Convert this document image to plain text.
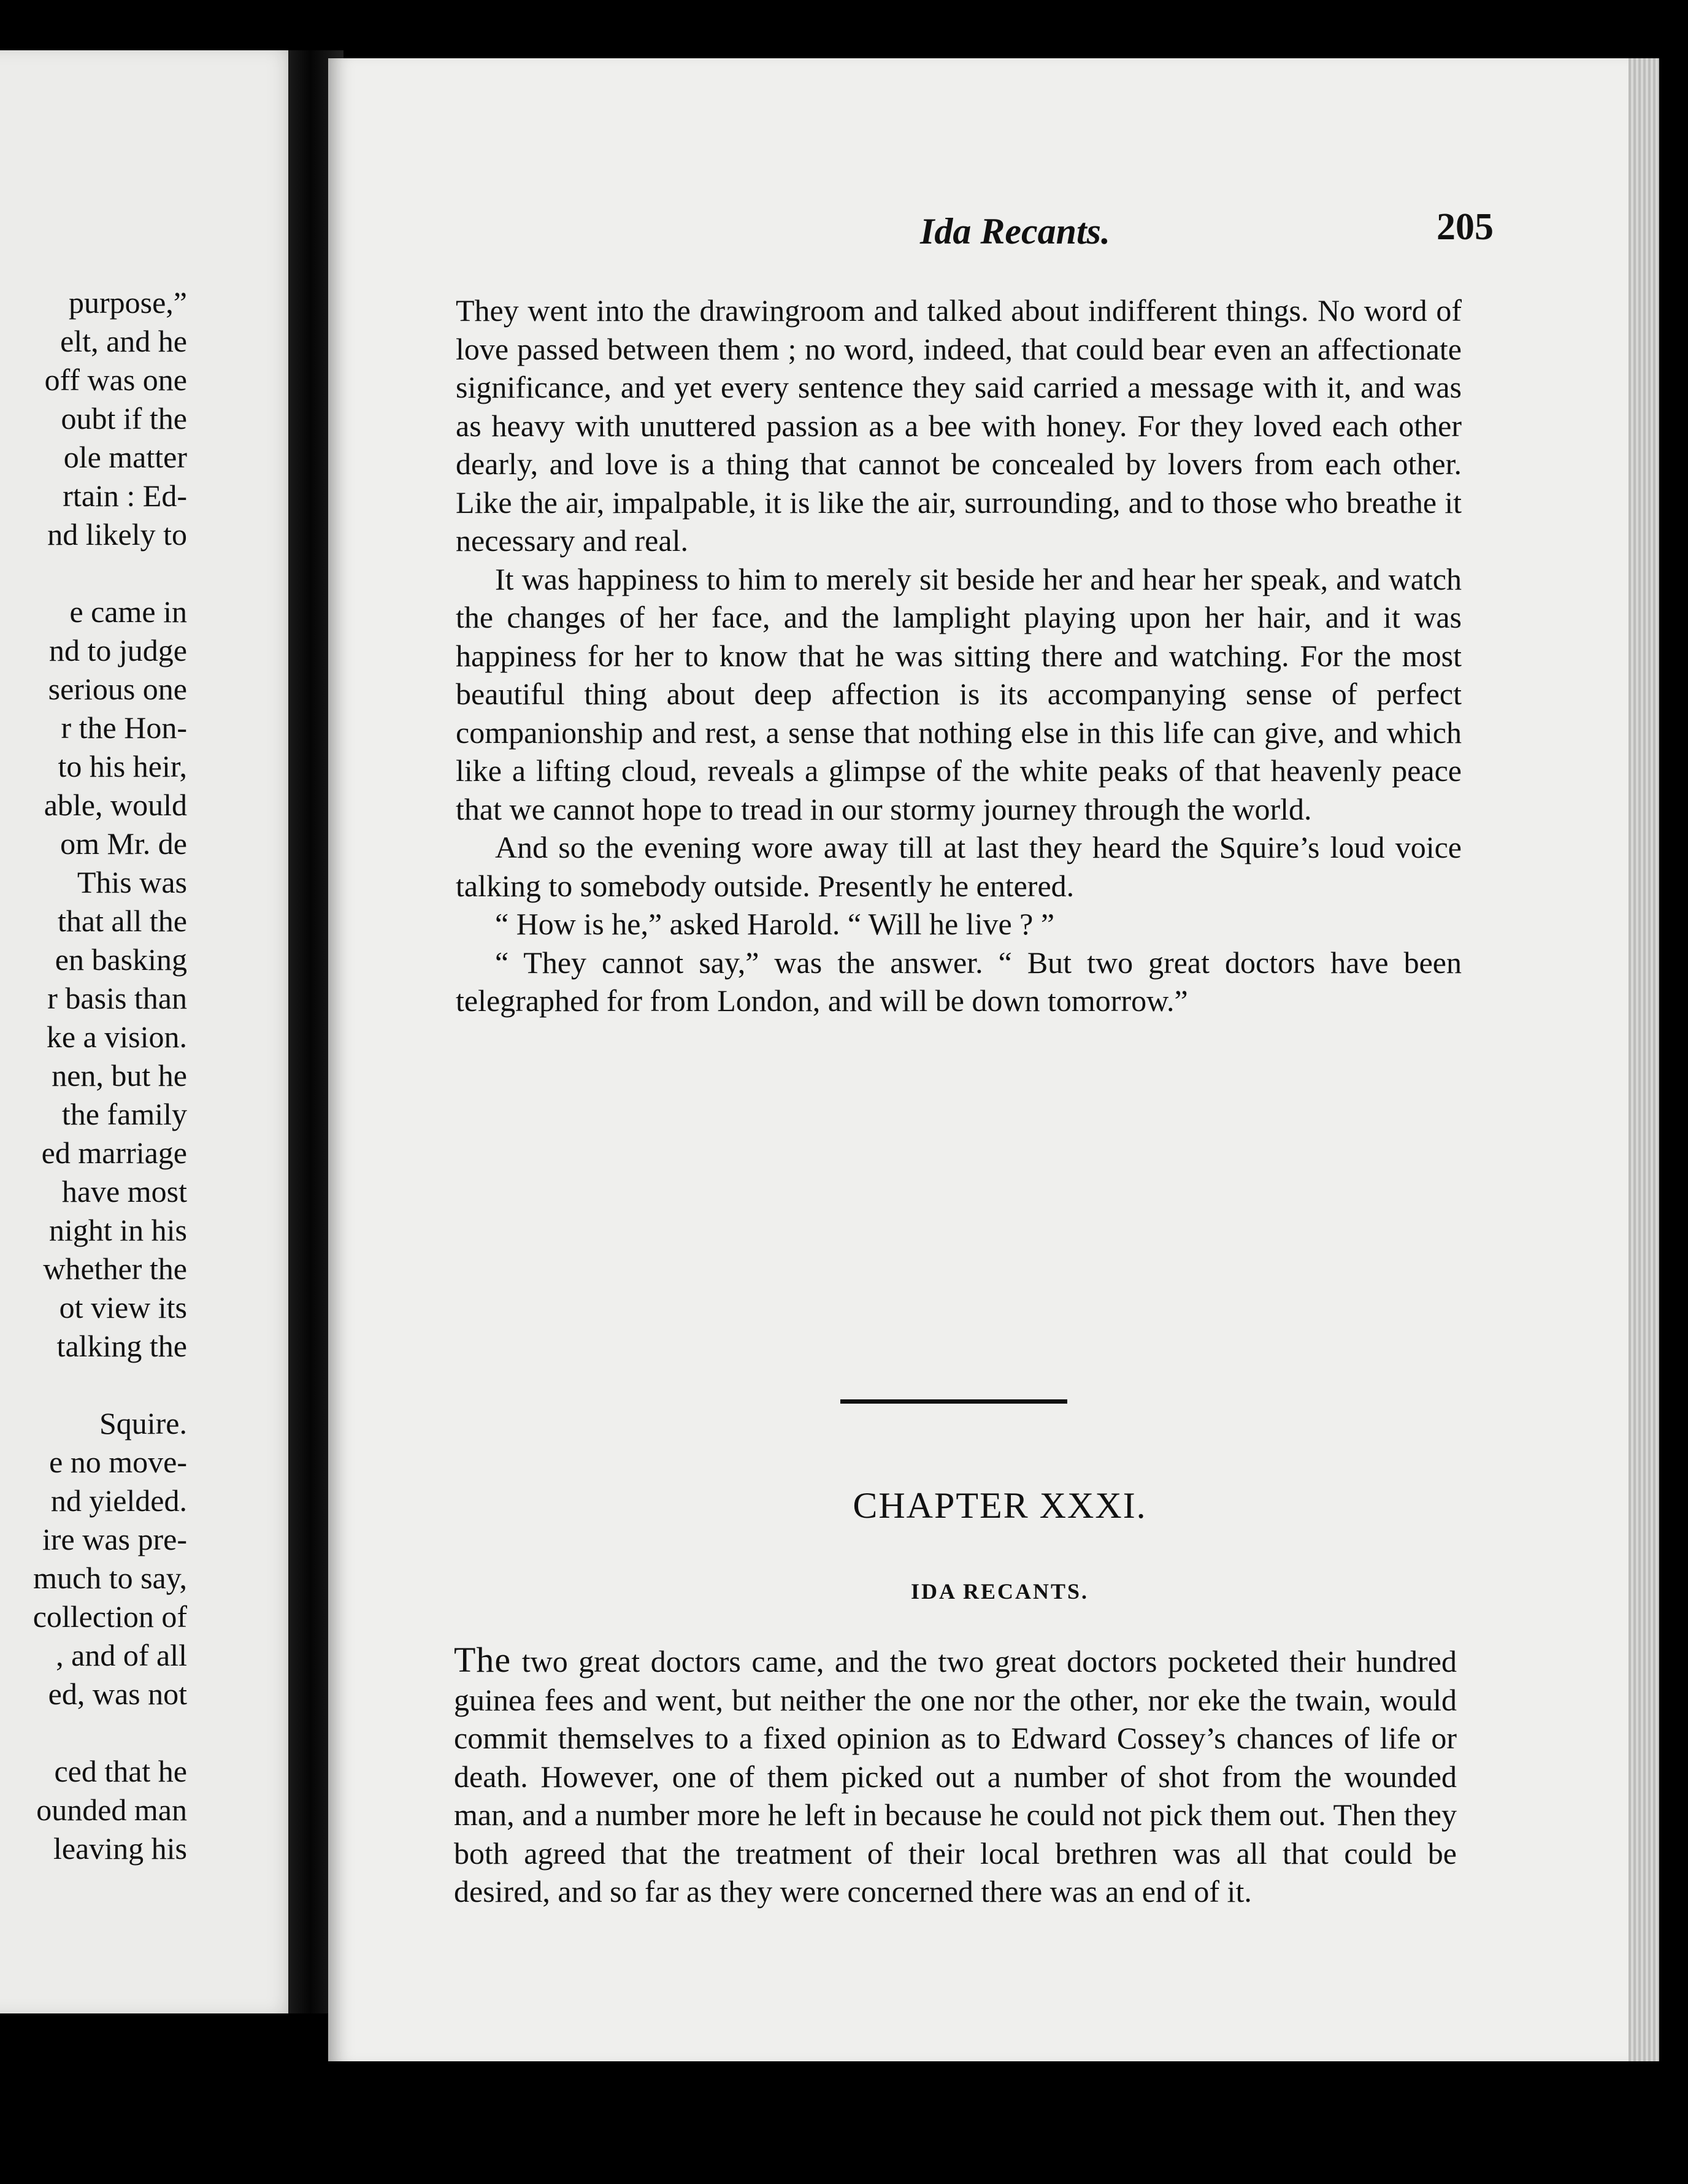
purpose,”
elt, and he
off was one
oubt if the
ole matter
rtain : Ed-
nd likely to
e came in
nd to judge
serious one
r the Hon-
to his heir,
able, would
om Mr. de
This was
that all the
en basking
r basis than
ke a vision.
nen, but he
the family
ed marriage
have most
night in his
whether the
ot view its
talking the
Squire.
e no move-
nd yielded.
ire was pre-
much to say,
collection of
, and of all
ed, was not
ced that he
ounded man
leaving his
Ida Recants.	205

They went into the drawingroom and talked about indifferent things. No word of love passed between them ; no word, indeed, that could bear even an affectionate significance, and yet every sentence they said carried a message with it, and was as heavy with unuttered passion as a bee with honey. For they loved each other dearly, and love is a thing that cannot be concealed by lovers from each other. Like the air, impalpable, it is like the air, surrounding, and to those who breathe it necessary and real.

It was happiness to him to merely sit beside her and hear her speak, and watch the changes of her face, and the lamplight playing upon her hair, and it was happiness for her to know that he was sitting there and watching. For the most beautiful thing about deep affection is its accompanying sense of perfect companionship and rest, a sense that nothing else in this life can give, and which like a lifting cloud, reveals a glimpse of the white peaks of that heavenly peace that we cannot hope to tread in our stormy journey through the world.

And so the evening wore away till at last they heard the Squire’s loud voice talking to somebody outside. Presently he entered.

“ How is he,” asked Harold. “ Will he live ? ”

“ They cannot say,” was the answer. “ But two great doctors have been telegraphed for from London, and will be down tomorrow.”

CHAPTER XXXI.
IDA RECANTS.

The two great doctors came, and the two great doctors pocketed their hundred guinea fees and went, but neither the one nor the other, nor eke the twain, would commit themselves to a fixed opinion as to Edward Cossey’s chances of life or death. However, one of them picked out a number of shot from the wounded man, and a number more he left in because he could not pick them out. Then they both agreed that the treatment of their local brethren was all that could be desired, and so far as they were concerned there was an end of it.
